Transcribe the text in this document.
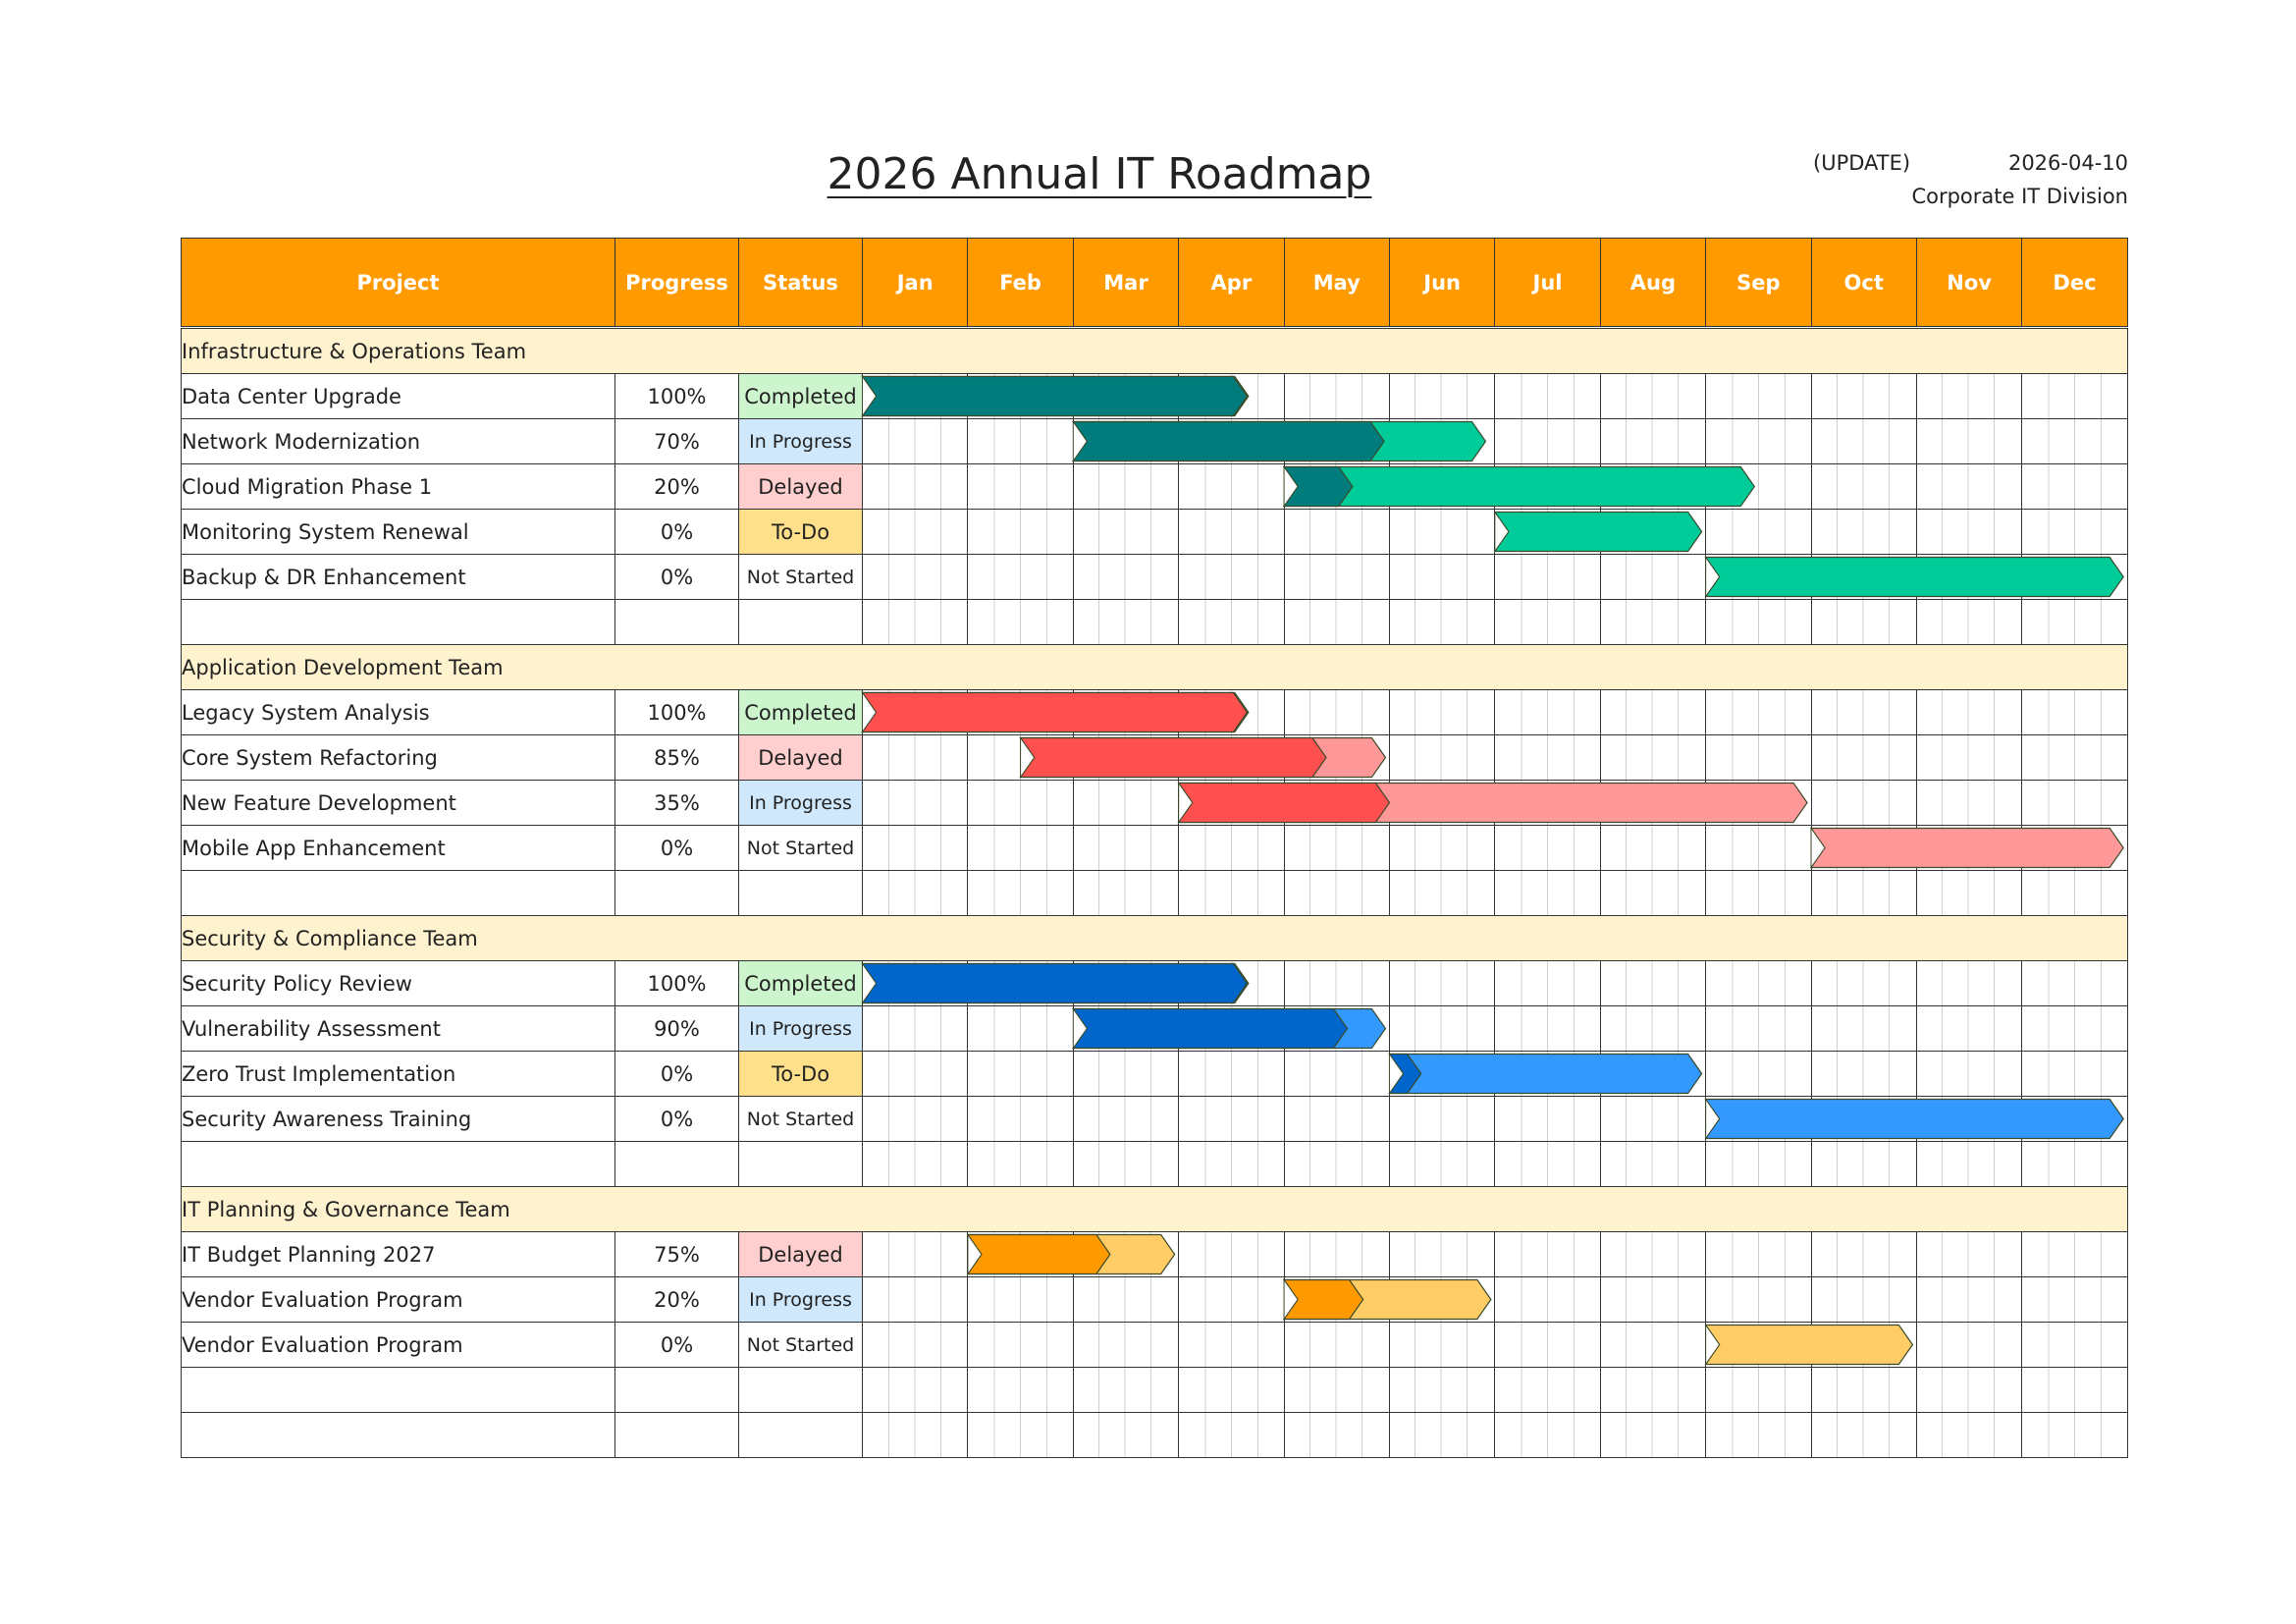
2026 Annual IT Roadmap	(UPDATE)	2026-04-10
Corporate IT Division
Project	Progress	Status	Jan	Feb	Mar	Apr	May	Jun	Jul	Aug	Sep	Oct	Nov	Dec
Infrastructure & Operations Team														
Data Center Upgrade	100%	Completed												
Network Modernization	70%	In Progress												
Cloud Migration Phase 1	20%	Delayed												
Monitoring System Renewal	0%	To-Do												
Backup & DR Enhancement	0%	Not Started												

Application Development Team														
Legacy System Analysis	100%	Completed												
Core System Refactoring	85%	Delayed												
New Feature Development	35%	In Progress												
Mobile App Enhancement	0%	Not Started												

Security & Compliance Team														
Security Policy Review	100%	Completed												
Vulnerability Assessment	90%	In Progress												
Zero Trust Implementation	0%	To-Do												
Security Awareness Training	0%	Not Started												

IT Planning & Governance Team														
IT Budget Planning 2027	75%	Delayed												
Vendor Evaluation Program	20%	In Progress												
Vendor Evaluation Program	0%	Not Started												
